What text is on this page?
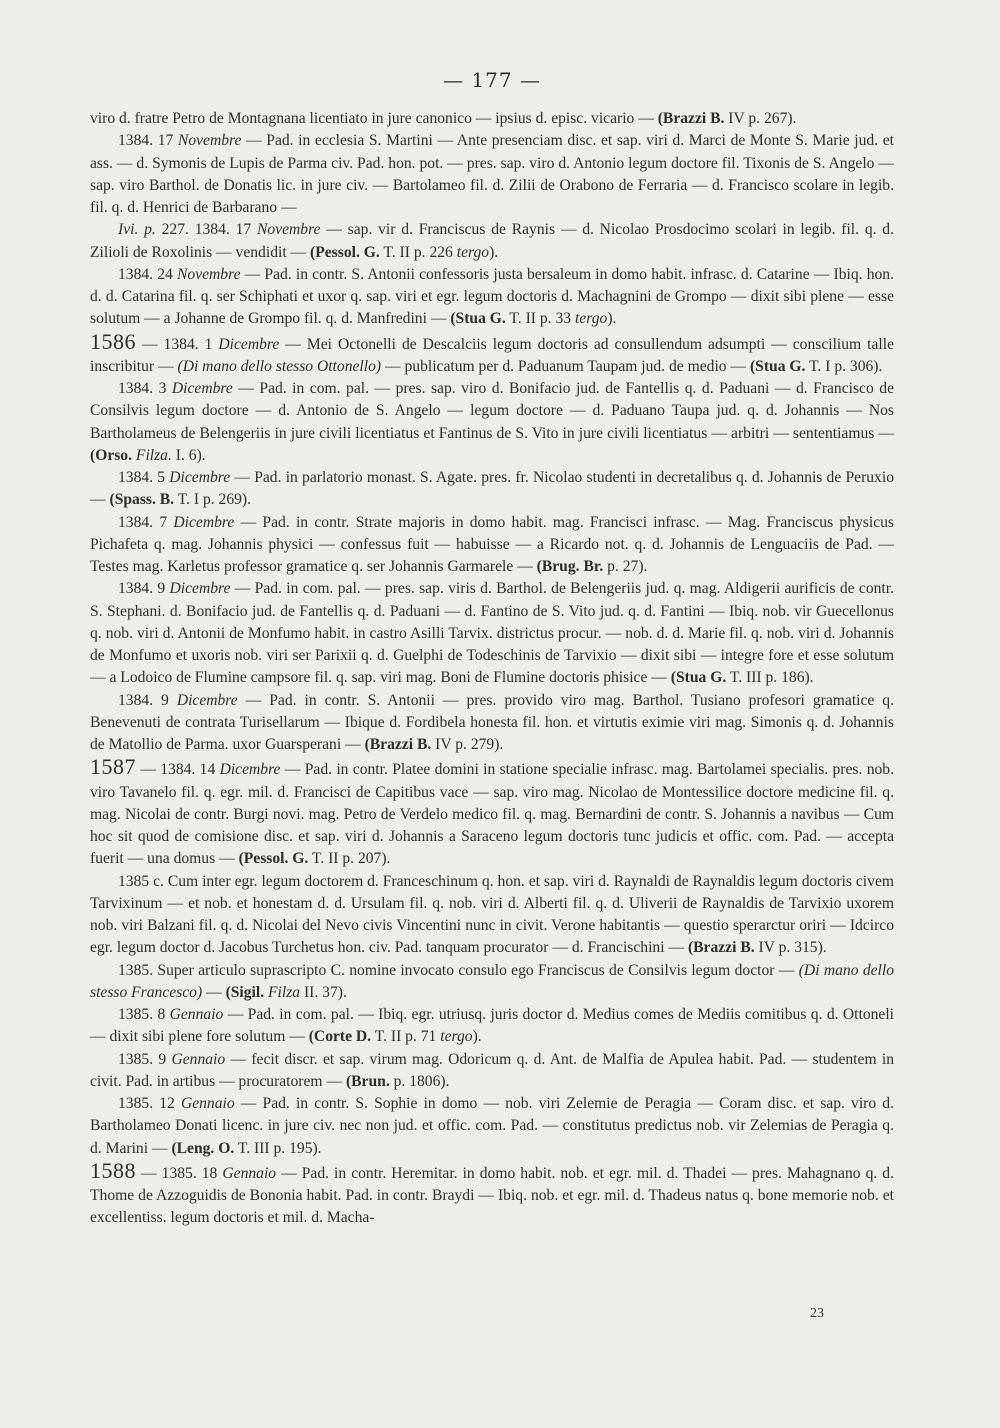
— 177 —

viro d. fratre Petro de Montagnana licentiato in jure canonico — ipsius d. episc. vicario — (Brazzi B. IV p. 267).

1384. 17 Novembre — Pad. in ecclesia S. Martini — Ante presenciam disc. et sap. viri d. Marci de Monte S. Marie jud. et ass. — d. Symonis de Lupis de Parma civ. Pad. hon. pot. — pres. sap. viro d. Antonio legum doctore fil. Tixonis de S. Angelo — sap. viro Barthol. de Donatis lic. in jure civ. — Bartolameo fil. d. Zilii de Orabono de Ferraria — d. Francisco scolare in legib. fil. q. d. Henrici de Barbarano —

Ivi. p. 227. 1384. 17 Novembre — sap. vir d. Franciscus de Raynis — d. Nicolao Prosdocimo scolari in legib. fil. q. d. Zilioli de Roxolinis — vendidit — (Pessol. G. T. II p. 226 tergo).

1384. 24 Novembre — Pad. in contr. S. Antonii confessoris justa bersaleum in domo habit. infrasc. d. Catarine — Ibiq. hon. d. d. Catarina fil. q. ser Schiphati et uxor q. sap. viri et egr. legum doctoris d. Machagnini de Grompo — dixit sibi plene — esse solutum — a Johanne de Grompo fil. q. d. Manfredini — (Stua G. T. II p. 33 tergo).

1586 — 1384. 1 Dicembre — Mei Octonelli de Descalciis legum doctoris ad consullendum adsumpti — conscilium talle inscribitur — (Di mano dello stesso Ottonello) — publicatum per d. Paduanum Taupam jud. de medio — (Stua G. T. I p. 306).

1384. 3 Dicembre — Pad. in com. pal. — pres. sap. viro d. Bonifacio jud. de Fantellis q. d. Paduani — d. Francisco de Consilvis legum doctore — d. Antonio de S. Angelo — legum doctore — d. Paduano Taupa jud. q. d. Johannis — Nos Bartholameus de Belengeriis in jure civili licentiatus et Fantinus de S. Vito in jure civili licentiatus — arbitri — sententiamus — (Orso. Filza. I. 6).

1384. 5 Dicembre — Pad. in parlatorio monast. S. Agate. pres. fr. Nicolao studenti in decretalibus q. d. Johannis de Peruxio — (Spass. B. T. I p. 269).

1384. 7 Dicembre — Pad. in contr. Strate majoris in domo habit. mag. Francisci infrasc. — Mag. Franciscus physicus Pichafeta q. mag. Johannis physici — confessus fuit — habuisse — a Ricardo not. q. d. Johannis de Lenguaciis de Pad. — Testes mag. Karletus professor gramatice q. ser Johannis Garmarele — (Brug. Br. p. 27).

1384. 9 Dicembre — Pad. in com. pal. — pres. sap. viris d. Barthol. de Belengeriis jud. q. mag. Aldigerii aurificis de contr. S. Stephani. d. Bonifacio jud. de Fantellis q. d. Paduani — d. Fantino de S. Vito jud. q. d. Fantini — Ibiq. nob. vir Guecellonus q. nob. viri d. Antonii de Monfumo habit. in castro Asilli Tarvix. districtus procur. — nob. d. d. Marie fil. q. nob. viri d. Johannis de Monfumo et uxoris nob. viri ser Parixii q. d. Guelphi de Todeschinis de Tarvixio — dixit sibi — integre fore et esse solutum — a Lodoico de Flumine campsore fil. q. sap. viri mag. Boni de Flumine doctoris phisice — (Stua G. T. III p. 186).

1384. 9 Dicembre — Pad. in contr. S. Antonii — pres. provido viro mag. Barthol. Tusiano profesori gramatice q. Benevenuti de contrata Turisellarum — Ibique d. Fordibela honesta fil. hon. et virtutis eximie viri mag. Simonis q. d. Johannis de Matollio de Parma. uxor Guarsperani — (Brazzi B. IV p. 279).

1587 — 1384. 14 Dicembre — Pad. in contr. Platee domini in statione specialie infrasc. mag. Bartolamei specialis. pres. nob. viro Tavanelo fil. q. egr. mil. d. Francisci de Capitibus vace — sap. viro mag. Nicolao de Montessilice doctore medicine fil. q. mag. Nicolai de contr. Burgi novi. mag. Petro de Verdelo medico fil. q. mag. Bernardini de contr. S. Johannis a navibus — Cum hoc sit quod de comisione disc. et sap. viri d. Johannis a Saraceno legum doctoris tunc judicis et offic. com. Pad. — accepta fuerit — una domus — (Pessol. G. T. II p. 207).

1385 c. Cum inter egr. legum doctorem d. Franceschinum q. hon. et sap. viri d. Raynaldi de Raynaldis legum doctoris civem Tarvixinum — et nob. et honestam d. d. Ursulam fil. q. nob. viri d. Alberti fil. q. d. Uliverii de Raynaldis de Tarvixio uxorem nob. viri Balzani fil. q. d. Nicolai del Nevo civis Vincentini nunc in civit. Verone habitantis — questio sperarctur oriri — Idcirco egr. legum doctor d. Jacobus Turchetus hon. civ. Pad. tanquam procurator — d. Francischini — (Brazzi B. IV p. 315).

1385. Super articulo suprascripto C. nomine invocato consulo ego Franciscus de Consilvis legum doctor — (Di mano dello stesso Francesco) — (Sigil. Filza II. 37).

1385. 8 Gennaio — Pad. in com. pal. — Ibiq. egr. utriusq. juris doctor d. Medius comes de Mediis comitibus q. d. Ottoneli — dixit sibi plene fore solutum — (Corte D. T. II p. 71 tergo).

1385. 9 Gennaio — fecit discr. et sap. virum mag. Odoricum q. d. Ant. de Malfia de Apulea habit. Pad. — studentem in civit. Pad. in artibus — procuratorem — (Brun. p. 1806).

1385. 12 Gennaio — Pad. in contr. S. Sophie in domo — nob. viri Zelemie de Peragia — Coram disc. et sap. viro d. Bartholameo Donati licenc. in jure civ. nec non jud. et offic. com. Pad. — constitutus predictus nob. vir Zelemias de Peragia q. d. Marini — (Leng. O. T. III p. 195).

1588 — 1385. 18 Gennaio — Pad. in contr. Heremitar. in domo habit. nob. et egr. mil. d. Thadei — pres. Mahagnano q. d. Thome de Azzoguidis de Bononia habit. Pad. in contr. Braydi — Ibiq. nob. et egr. mil. d. Thadeus natus q. bone memorie nob. et excellentiss. legum doctoris et mil. d. Macha-

23
